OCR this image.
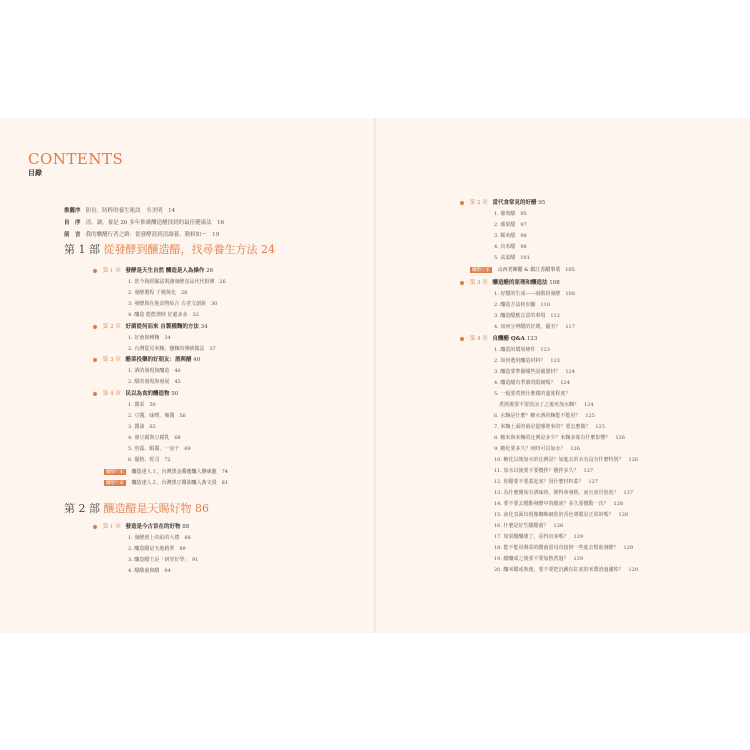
CONTENTS
目錄
推薦序 防份。防粹的養生秘訣　丞美明　14
自　序 清。調。養是 26 多年推廣釀造醋找到的最佳健康法　16
前　言 我的釀醋行者之路：從發酵液到清調養。勤修如一　19
第 1 部 從發酵到釀造醋，找尋養生方法 24
第 1 章 發酵是天生自然 釀造是人為操作 26
1. 當今與經驗法則讓發酵食品代代相傳　26
2. 發酵製程 千變萬化　28
3. 發酵與在地食物結合 古老文創新　30
4. 釀造 能能增時 好處多多　32
第 2 章 好菌從何而來 自製種麴的方法 34
1. 好菌與種麴　34
2. 台灣從見米麴，鹽麴的傳統做法　37
第 3 章 醋菜投藥的好朋友：酒與醋 40
1. 酒的發現與釀造　40
2. 醋的發現與發展　45
第 4 章 民以為食的釀造物 50
1. 醬菜　50
2. 豆醬、味噌、辣醬　56
3. 醬油　62
4. 發豆腐與豆腐乳　68
5. 魚露、蝦醬、一夜干　69
6. 優格、乾司　72
釀醋行家 釀造達人１，台灣黑金醬蜜釀人劉東龍　74
釀醋行家 釀造達人２，台灣黑豆醬油釀人黃文貴　81
第 2 部 釀造醋是天賜好物 86
第 1 章 發造是今古首在的好物 88
1. 發酵到上帝給的大禮　88
2. 釀造醋是天地精華　89
3. 釀造醋王是「研究好學」　91
4. 醋酸菌與醋　94
第 2 章 當代食常見的好醋 95
1. 葡萄醋　95
2. 蘋果醋　97
3. 糯米醋　98
4. 烏米醋　98
5. 高粱醋　101
釀醋行家 山西老陳醋 & 鎮江香醋事業　105
第 3 章 釀造醋的原理和釀造法 108
1. 好醋的生成——兩階段發酵　108
2. 釀造方法和步驟　110
3. 釀造醋應注意的事項　112
4. 如何分辨醋的好壞，優劣？　117
第 4 章 自釀醋 Q&A 123
1. 釀造的環境條件　123
2. 如何選用釀造材料？　123
3. 釀造要準備哪些設備器材？　124
4. 釀造醋有季節的限制嗎？　124
5. 一般要煮到什麼樣的溫度程度？
　煮熟後要不要放涼了之後再加水麴？　124
6. 水麴是什麼？糖水酒的麴能不能用？　125
7. 米麴上面的菌是從哪裡來的？要怎麼做？　125
8. 糖米與米麴的比例是多少？米麴多寡有什麼影響？　126
9. 糖化要多久？何時可以加水？　126
10. 糖化以後加水的比例是？加進去的水有沒有什麼特別？　126
11. 加水以後要不要攪拌？攪拌多久？　127
12. 你醋要不要蓋起來？用什麼材料蓋？　127
13. 為什麼開始有酒味時，變得會發熱，而且會冒泡泡？　127
14. 要不要去攪動發酵中的醋液？多久要攪動一次？　128
15. 液化表面出現像蜘蛛網狀的香色薄膜是正常的嗎？　128
16. 什麼是好生醋醋菌？　128
17. 如果醋釀壞了，看得出來嗎？　129
18. 能不能用剩菜的醋菌當母直接倒一些進去幫助發酵？　129
19. 醋釀成之後要不要加熱煮過？　129
20. 釀米醋或熟後，要不要把沉澱在缸底的米漿渣過濾掉？　129
